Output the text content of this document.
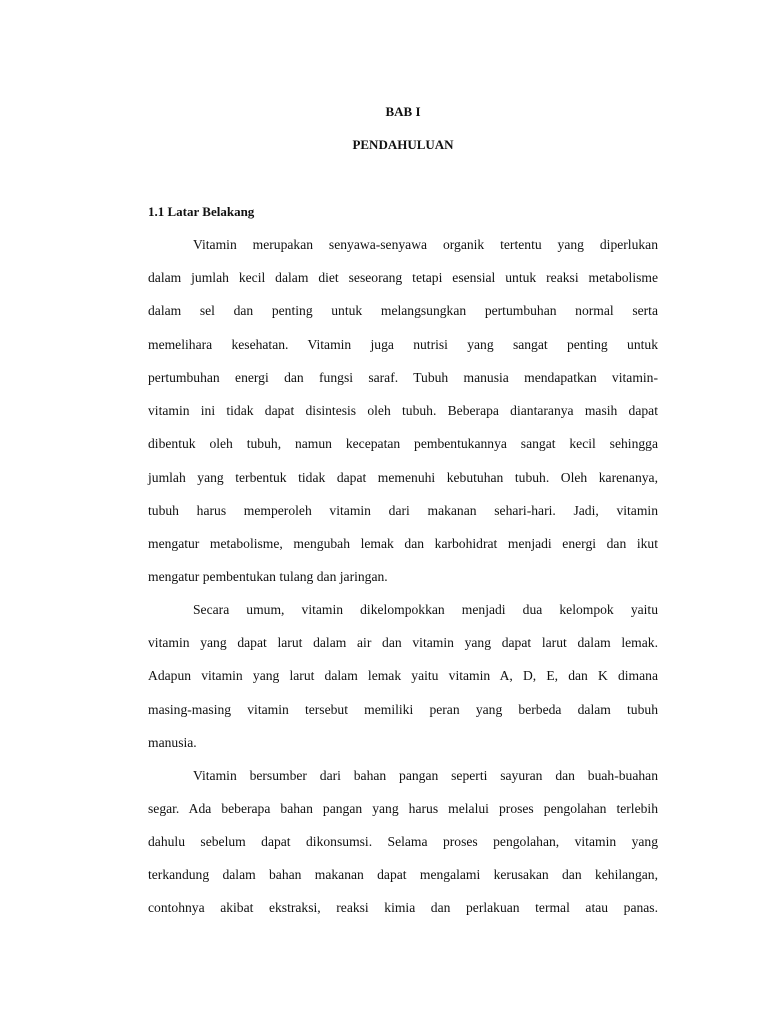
BAB I
PENDAHULUAN
1.1 Latar Belakang

Vitamin merupakan senyawa-senyawa organik tertentu yang diperlukan

dalam jumlah kecil dalam diet seseorang tetapi esensial untuk reaksi metabolisme

dalam sel dan penting untuk melangsungkan pertumbuhan normal serta

memelihara kesehatan. Vitamin juga nutrisi yang sangat penting untuk

pertumbuhan energi dan fungsi saraf. Tubuh manusia mendapatkan vitamin-

vitamin ini tidak dapat disintesis oleh tubuh. Beberapa diantaranya masih dapat

dibentuk oleh tubuh, namun kecepatan pembentukannya sangat kecil sehingga

jumlah yang terbentuk tidak dapat memenuhi kebutuhan tubuh. Oleh karenanya,

tubuh harus memperoleh vitamin dari makanan sehari-hari. Jadi, vitamin

mengatur metabolisme, mengubah lemak dan karbohidrat menjadi energi dan ikut

mengatur pembentukan tulang dan jaringan.

Secara umum, vitamin dikelompokkan menjadi dua kelompok yaitu

vitamin yang dapat larut dalam air dan vitamin yang dapat larut dalam lemak.

Adapun vitamin yang larut dalam lemak yaitu vitamin A, D, E, dan K dimana

masing-masing vitamin tersebut memiliki peran yang berbeda dalam tubuh

manusia.

Vitamin bersumber dari bahan pangan seperti sayuran dan buah-buahan

segar. Ada beberapa bahan pangan yang harus melalui proses pengolahan terlebih

dahulu sebelum dapat dikonsumsi. Selama proses pengolahan, vitamin yang

terkandung dalam bahan makanan dapat mengalami kerusakan dan kehilangan,

contohnya akibat ekstraksi, reaksi kimia dan perlakuan termal atau panas.
